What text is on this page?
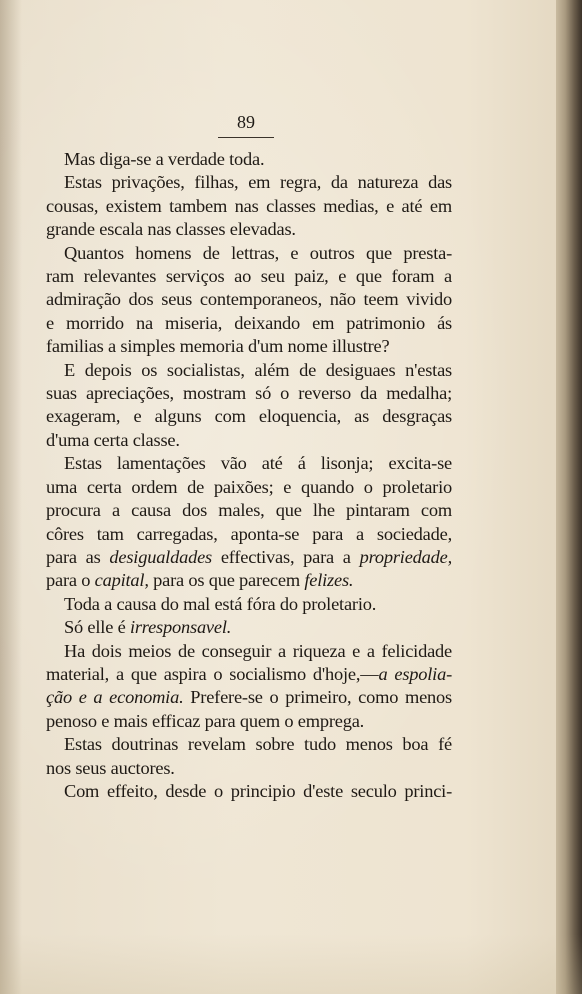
89
Mas diga-se a verdade toda.
Estas privações, filhas, em regra, da natureza das
cousas, existem tambem nas classes medias, e até em
grande escala nas classes elevadas.
Quantos homens de lettras, e outros que presta-
ram relevantes serviços ao seu paiz, e que foram a
admiração dos seus contemporaneos, não teem vivido
e morrido na miseria, deixando em patrimonio ás
familias a simples memoria d'um nome illustre?
E depois os socialistas, além de desiguaes n'estas
suas apreciações, mostram só o reverso da medalha;
exageram, e alguns com eloquencia, as desgraças
d'uma certa classe.
Estas lamentações vão até á lisonja; excita-se
uma certa ordem de paixões; e quando o proletario
procura a causa dos males, que lhe pintaram com
côres tam carregadas, aponta-se para a sociedade,
para as desigualdades effectivas, para a propriedade,
para o capital, para os que parecem felizes.
Toda a causa do mal está fóra do proletario.
Só elle é irresponsavel.
Ha dois meios de conseguir a riqueza e a felicidade
material, a que aspira o socialismo d'hoje,—a espolia-
ção e a economia. Prefere-se o primeiro, como menos
penoso e mais efficaz para quem o emprega.
Estas doutrinas revelam sobre tudo menos boa fé
nos seus auctores.
Com effeito, desde o principio d'este seculo princi-
